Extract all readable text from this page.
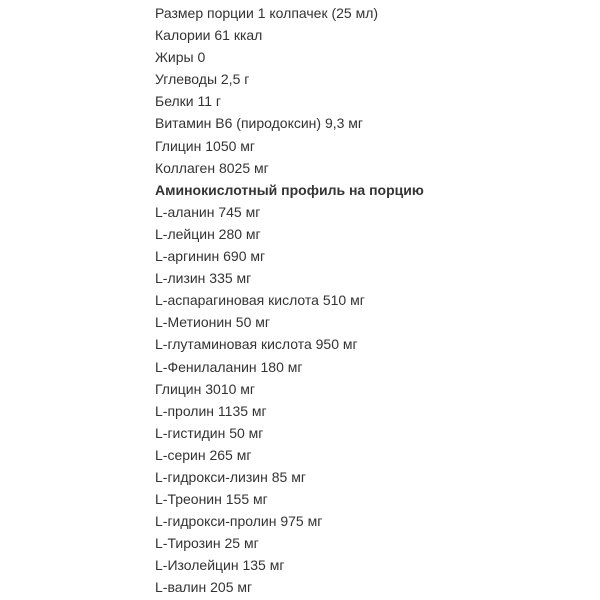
Размер порции 1 колпачек (25 мл)
Калории 61 ккал
Жиры 0
Углеводы 2,5 г
Белки 11 г
Витамин B6 (пиродоксин) 9,3 мг
Глицин 1050 мг
Коллаген 8025 мг
Аминокислотный профиль на порцию
L-аланин 745 мг
L-лейцин 280 мг
L-аргинин 690 мг
L-лизин 335 мг
L-аспарагиновая кислота 510 мг
L-Метионин 50 мг
L-глутаминовая кислота 950 мг
L-Фенилаланин 180 мг
Глицин 3010 мг
L-пролин 1135 мг
L-гистидин 50 мг
L-серин 265 мг
L-гидрокси-лизин 85 мг
L-Треонин 155 мг
L-гидрокси-пролин 975 мг
L-Тирозин 25 мг
L-Изолейцин 135 мг
L-валин 205 мг
